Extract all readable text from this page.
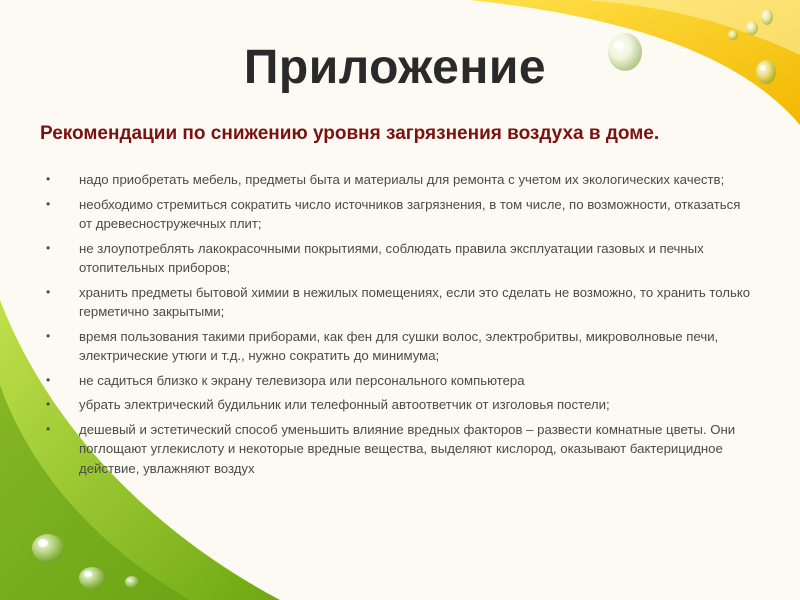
Приложение
Рекомендации по снижению уровня загрязнения воздуха в доме.
• надо приобретать мебель, предметы быта и материалы для ремонта с учетом их экологических качеств;
• необходимо стремиться сократить число источников загрязнения, в том числе, по возможности, отказаться от древесностружечных плит;
• не злоупотреблять лакокрасочными покрытиями, соблюдать правила эксплуатации газовых и печных отопительных приборов;
• хранить предметы бытовой химии в нежилых помещениях, если это сделать не возможно, то хранить только герметично закрытыми;
• время пользования такими приборами, как фен для сушки волос, электробритвы, микроволновые печи, электрические утюги и т.д., нужно сократить до минимума;
• не садиться близко к экрану телевизора или персонального компьютера
• убрать электрический будильник или телефонный автоответчик от изголовья постели;
• дешевый и эстетический способ уменьшить влияние вредных факторов – развести комнатные цветы. Они поглощают углекислоту и некоторые вредные вещества, выделяют кислород, оказывают бактерицидное действие, увлажняют воздух
